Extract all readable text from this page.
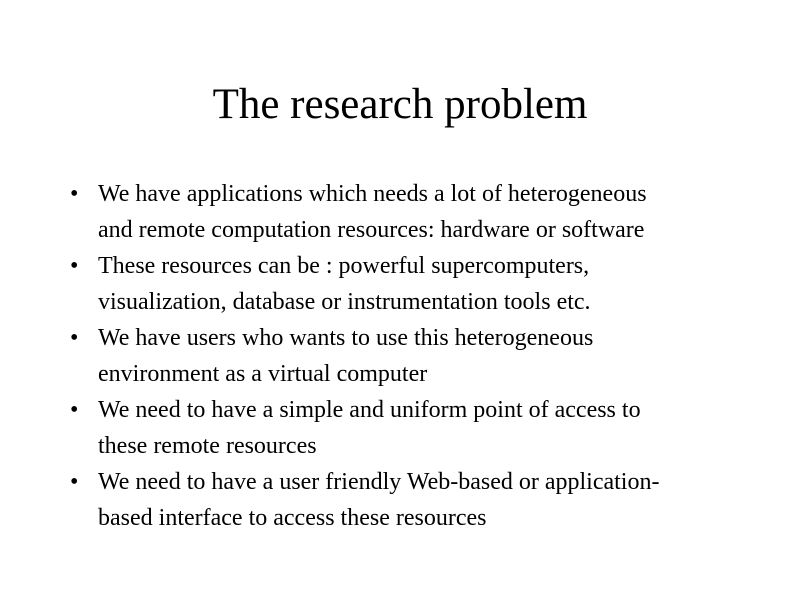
The research problem
• We have applications which needs a lot of heterogeneous
and remote computation resources: hardware or software
• These resources can be : powerful supercomputers,
visualization, database or instrumentation tools etc.
• We have users who wants to use this heterogeneous
environment as a virtual computer
• We need to have a simple and uniform point of access to
these remote resources
• We need to have a user friendly Web-based or application-
based interface to access these resources
